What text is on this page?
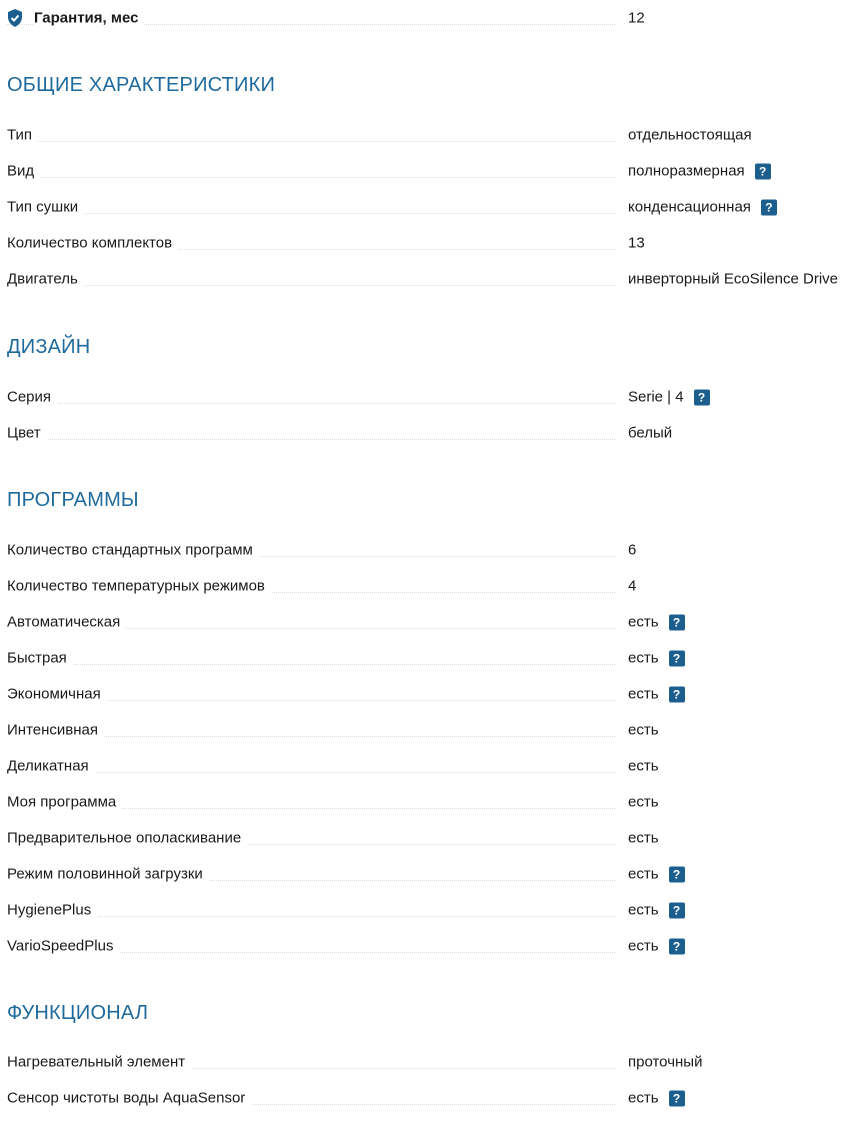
Гарантия, мес	12
ОБЩИЕ ХАРАКТЕРИСТИКИ
Тип	отдельностоящая
Вид	полноразмерная	?
Тип сушки	конденсационная	?
Количество комплектов	13
Двигатель	инверторный EcoSilence Drive
ДИЗАЙН
Серия	Serie | 4	?
Цвет	белый
ПРОГРАММЫ
Количество стандартных программ	6
Количество температурных режимов	4
Автоматическая	есть	?
Быстрая	есть	?
Экономичная	есть	?
Интенсивная	есть
Деликатная	есть
Моя программа	есть
Предварительное ополаскивание	есть
Режим половинной загрузки	есть	?
HygienePlus	есть	?
VarioSpeedPlus	есть	?
ФУНКЦИОНАЛ
Нагревательный элемент	проточный
Сенсор чистоты воды AquaSensor	есть	?
